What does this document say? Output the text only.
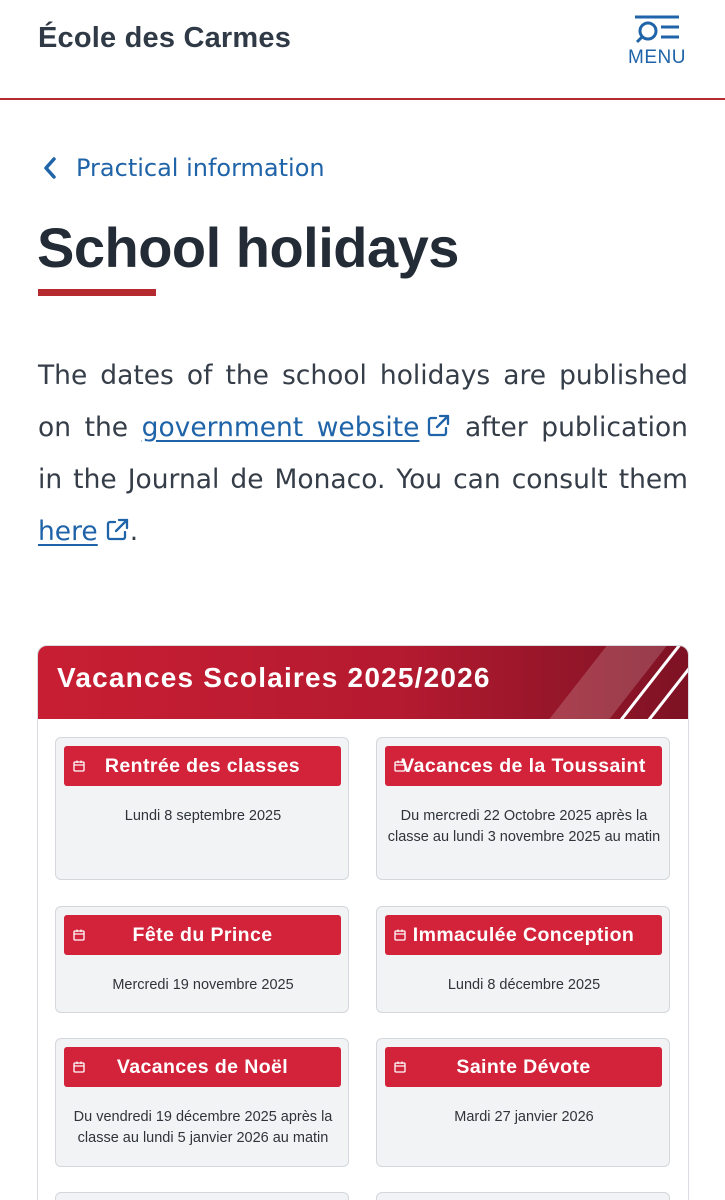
École des Carmes
MENU
Practical information
School holidays

The dates of the school holidays are published on the government website after publication in the Journal de Monaco. You can consult them here .

Vacances Scolaires 2025/2026
Rentrée des classes
Lundi 8 septembre 2025
Vacances de la Toussaint
Du mercredi 22 Octobre 2025 après la classe au lundi 3 novembre 2025 au matin
Fête du Prince
Mercredi 19 novembre 2025
Immaculée Conception
Lundi 8 décembre 2025
Vacances de Noël
Du vendredi 19 décembre 2025 après la classe au lundi 5 janvier 2026 au matin
Sainte Dévote
Mardi 27 janvier 2026
